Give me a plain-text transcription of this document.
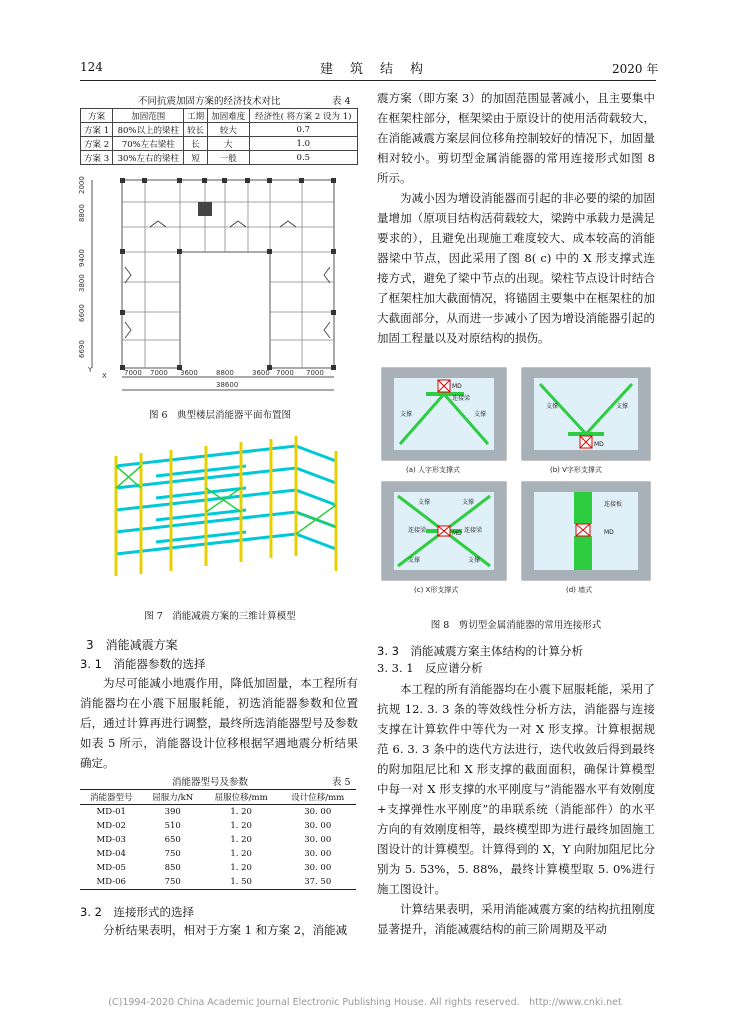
124	建　筑　结　构	2020 年
不同抗震加固方案的经济技术对比	表 4
方案	加固范围	工期	加固难度	经济性( 将方案 2 设为 1)
方案 1	80%以上的梁柱	较长	较大	0.7
方案 2	70%左右梁柱	长	大	1.0
方案 3	30%左右的梁柱	短	一般	0.5
2000
8800
9400
3800
6600
6690
7000 7000 3600	8800	3600 7000 7000
38600
X
Y
图 6　典型楼层消能器平面布置图
图 7　消能减震方案的三维计算模型
3　消能减震方案
3. 1　消能器参数的选择
为尽可能减小地震作用，降低加固量，本工程所有消能器均在小震下屈服耗能，初选消能器参数和位置后，通过计算再进行调整，最终所选消能器型号及参数如表 5 所示，消能器设计位移根据罕遇地震分析结果确定。
消能器型号及参数	表 5
消能器型号	屈服力/kN	屈服位移/mm	设计位移/mm
MD-01	390	1. 20	30. 00
MD-02	510	1. 20	30. 00
MD-03	650	1. 20	30. 00
MD-04	750	1. 20	30. 00
MD-05	850	1. 20	30. 00
MD-06	750	1. 50	37. 50
3. 2　连接形式的选择
分析结果表明，相对于方案 1 和方案 2，消能减
震方案（即方案 3）的加固范围显著减小，且主要集中在框架柱部分，框架梁由于原设计的使用活荷载较大，在消能减震方案层间位移角控制较好的情况下，加固量相对较小。剪切型金属消能器的常用连接形式如图 8 所示。
为减小因为增设消能器而引起的非必要的梁的加固量增加（原项目结构活荷载较大，梁跨中承载力是满足要求的），且避免出现施工难度较大、成本较高的消能器梁中节点，因此采用了图 8( c) 中的 X 形支撑式连接方式，避免了梁中节点的出现。梁柱节点设计时结合了框架柱加大截面情况，将锚固主要集中在框架柱的加大截面部分，从而进一步减小了因为增设消能器引起的加固工程量以及对原结构的损伤。
MD
连接梁
支撑	支撑
(a) 人字形支撑式
MD
支撑	支撑
(b) V字形支撑式
MD
连接梁	连接梁
支撑	支撑
支撑	支撑
(c) X形支撑式
连接板
MD
(d) 墙式
图 8　剪切型金属消能器的常用连接形式
3. 3　消能减震方案主体结构的计算分析
3. 3. 1　反应谱分析
本工程的所有消能器均在小震下屈服耗能，采用了抗规 12. 3. 3 条的等效线性分析方法，消能器与连接支撑在计算软件中等代为一对 X 形支撑。计算根据规范 6. 3. 3 条中的迭代方法进行，迭代收敛后得到最终的附加阻尼比和 X 形支撑的截面面积，确保计算模型中每一对 X 形支撑的水平刚度与“消能器水平有效刚度+支撑弹性水平刚度”的串联系统（消能部件）的水平方向的有效刚度相等，最终模型即为进行最终加固施工图设计的计算模型。计算得到的 X，Y 向附加阻尼比分别为 5. 53%，5. 88%，最终计算模型取 5. 0%进行施工图设计。
计算结果表明，采用消能减震方案的结构抗扭刚度显著提升，消能减震结构的前三阶周期及平动
(C)1994-2020 China Academic Journal Electronic Publishing House. All rights reserved.　http://www.cnki.net
